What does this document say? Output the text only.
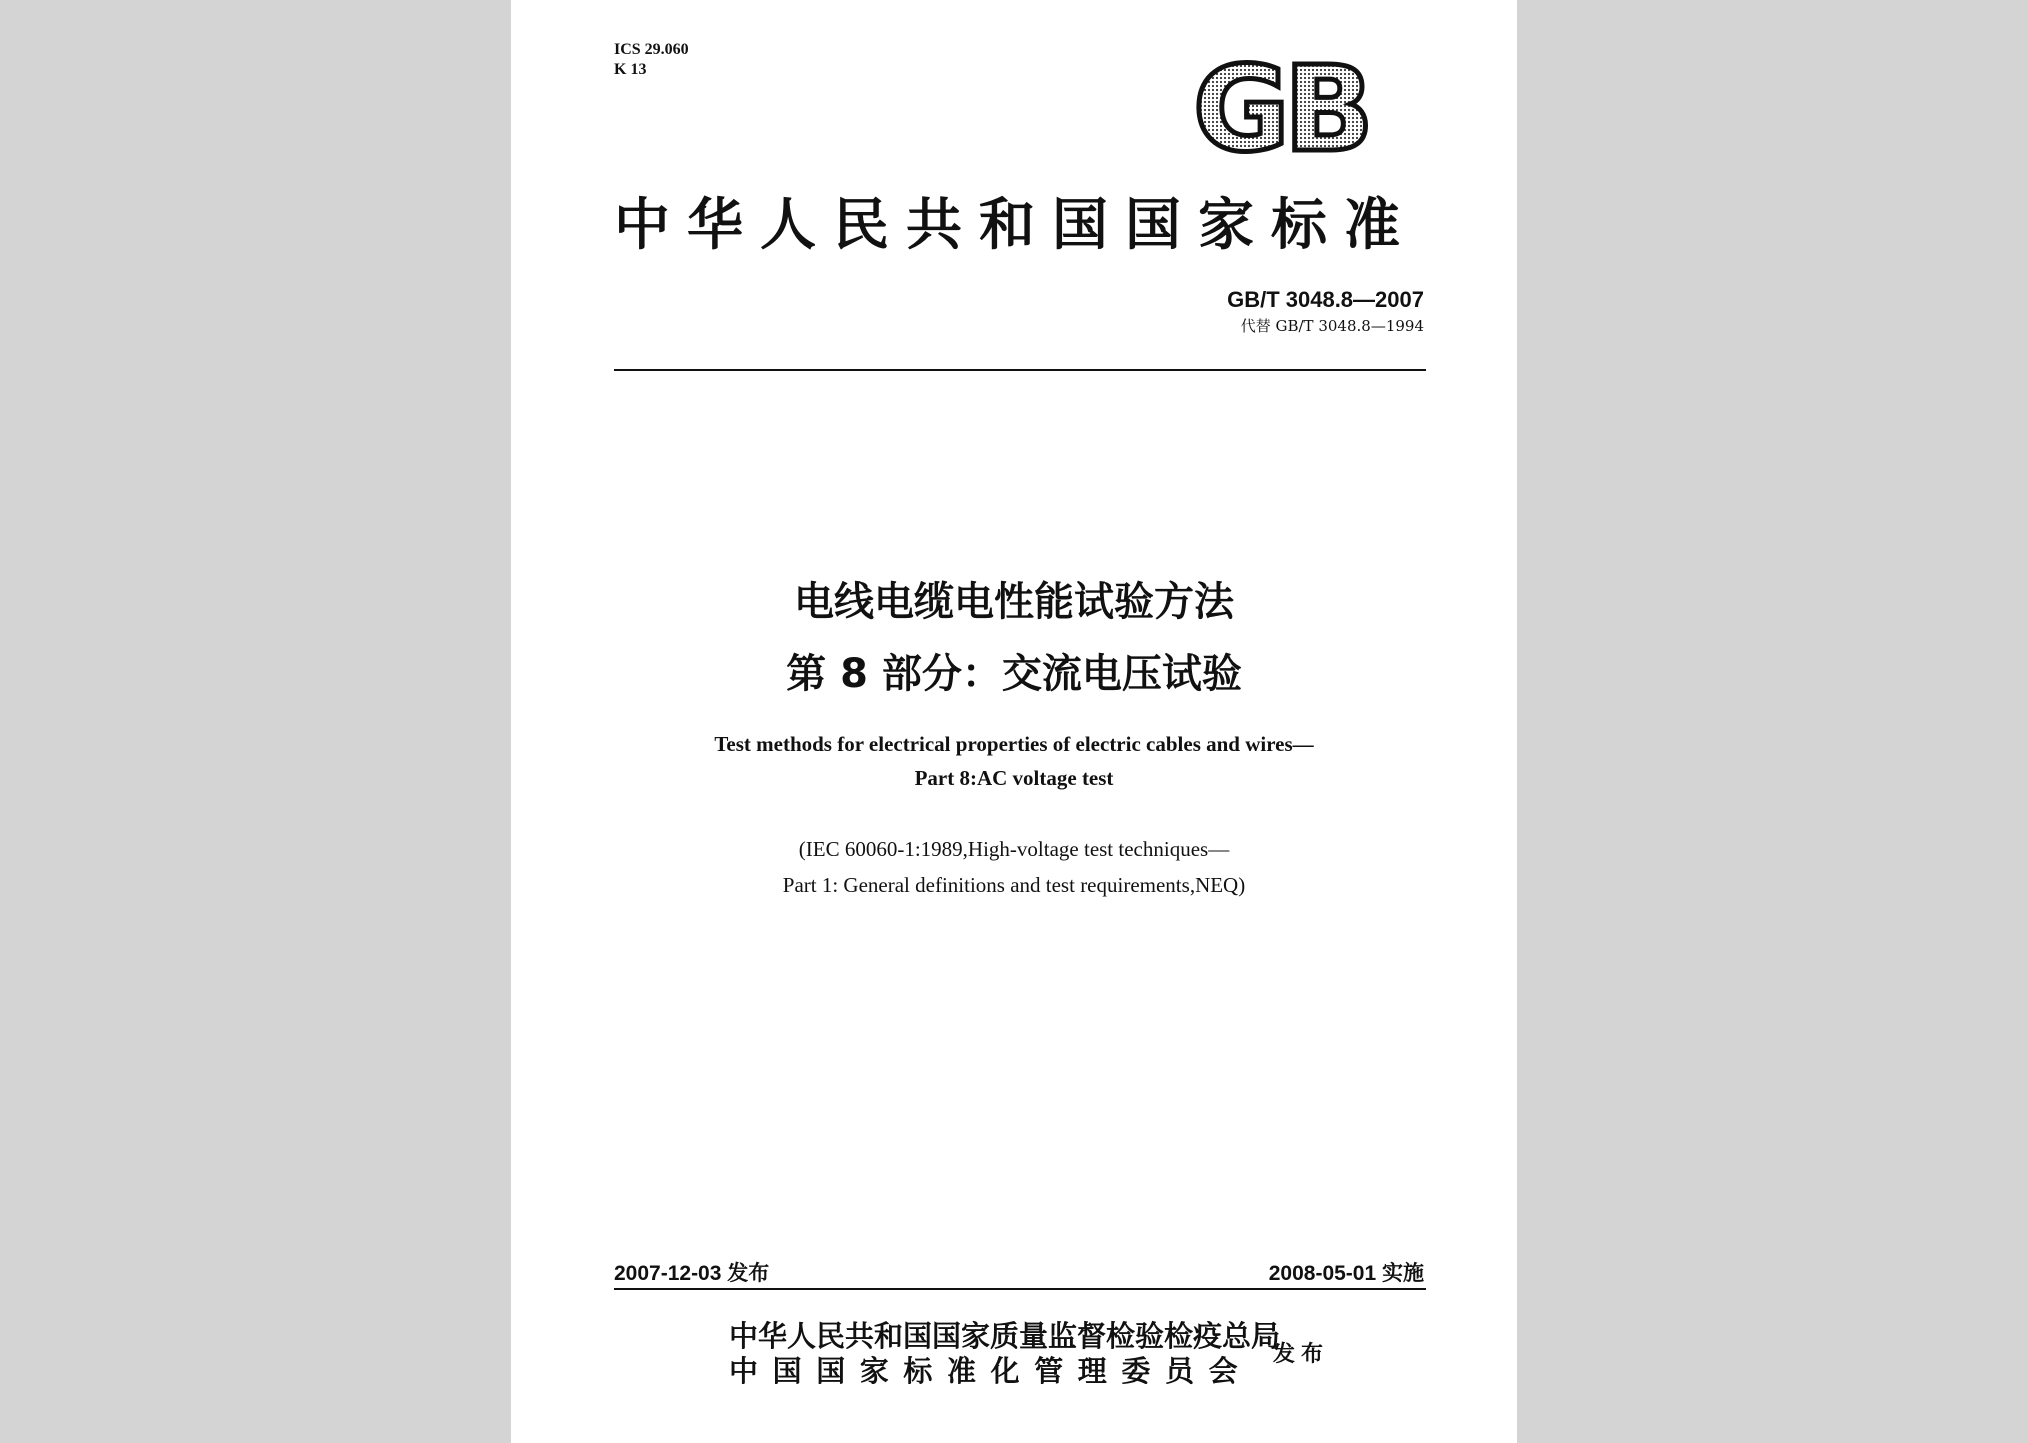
ICS 29.060
K 13	GB
中华人民共和国国家标准
GB/T 3048.8—2007
代替 GB/T 3048.8—1994
电线电缆电性能试验方法
第 8 部分：交流电压试验
Test methods for electrical properties of electric cables and wires—
Part 8:AC voltage test
(IEC 60060-1:1989,High-voltage test techniques—
Part 1: General definitions and test requirements,NEQ)
2007-12-03 发布	2008-05-01 实施
中华人民共和国国家质量监督检验检疫总局
中国国家标准化管理委员会 发布
